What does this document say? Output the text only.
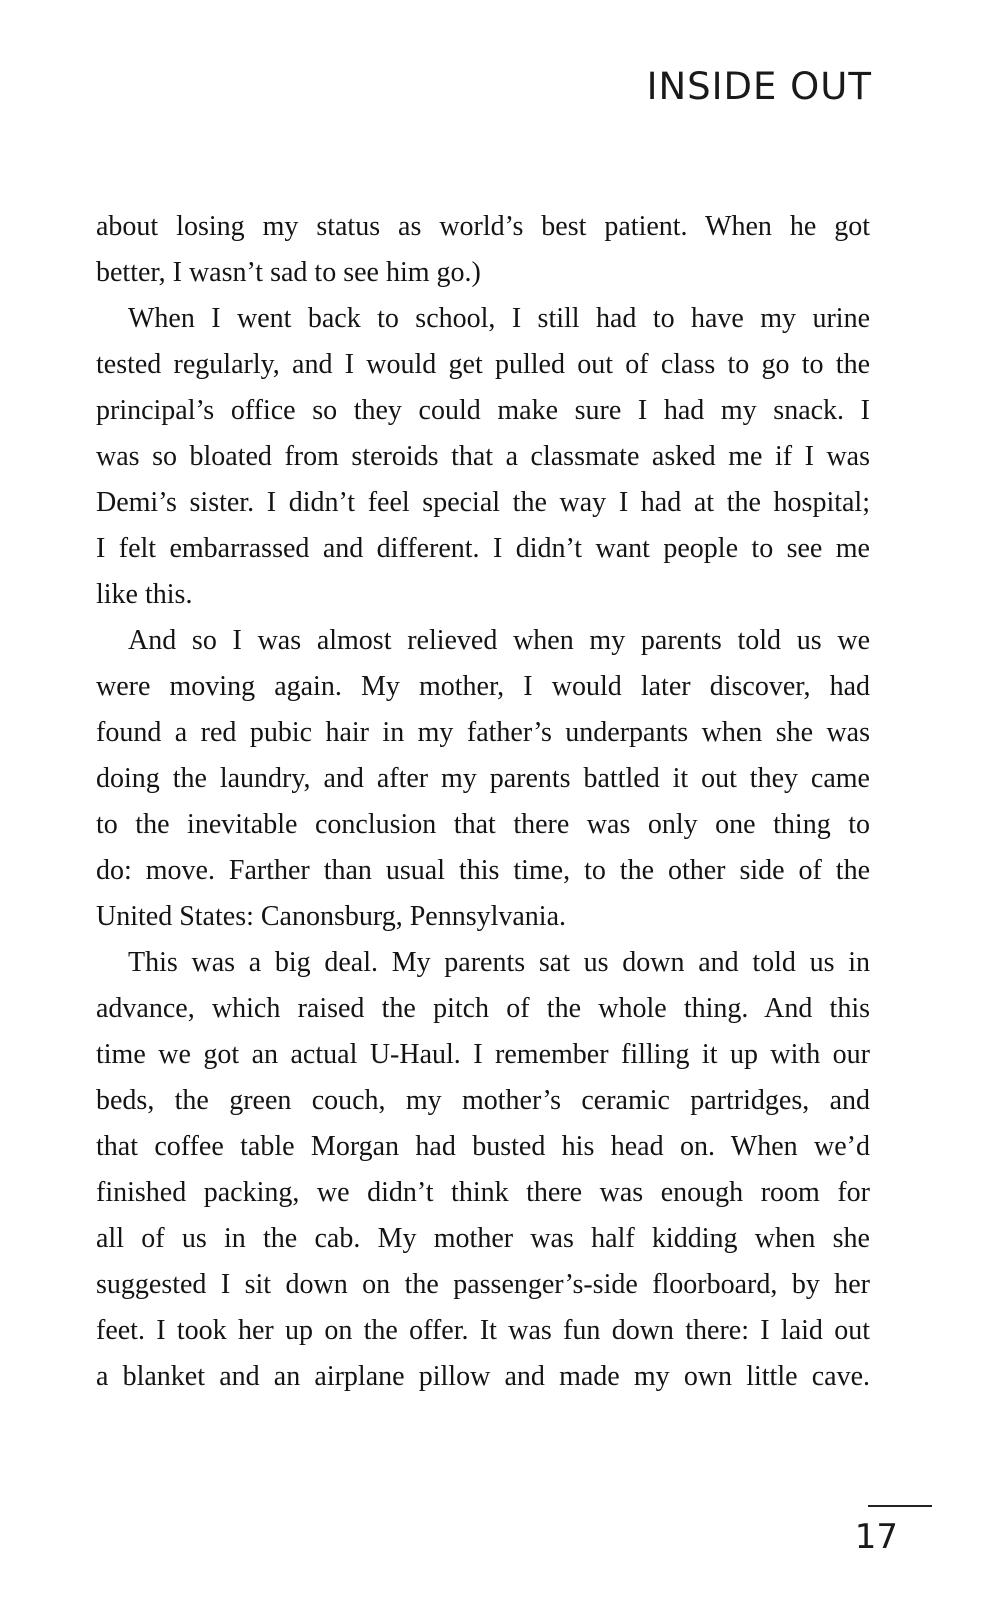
INSIDE OUT
about losing my status as world’s best patient. When he got
better, I wasn’t sad to see him go.)
When I went back to school, I still had to have my urine
tested regularly, and I would get pulled out of class to go to the
principal’s office so they could make sure I had my snack. I
was so bloated from steroids that a classmate asked me if I was
Demi’s sister. I didn’t feel special the way I had at the hospital;
I felt embarrassed and different. I didn’t want people to see me
like this.
And so I was almost relieved when my parents told us we
were moving again. My mother, I would later discover, had
found a red pubic hair in my father’s underpants when she was
doing the laundry, and after my parents battled it out they came
to the inevitable conclusion that there was only one thing to
do: move. Farther than usual this time, to the other side of the
United States: Canonsburg, Pennsylvania.
This was a big deal. My parents sat us down and told us in
advance, which raised the pitch of the whole thing. And this
time we got an actual U-Haul. I remember filling it up with our
beds, the green couch, my mother’s ceramic partridges, and
that coffee table Morgan had busted his head on. When we’d
finished packing, we didn’t think there was enough room for
all of us in the cab. My mother was half kidding when she
suggested I sit down on the passenger’s-side floorboard, by her
feet. I took her up on the offer. It was fun down there: I laid out
a blanket and an airplane pillow and made my own little cave.
17
